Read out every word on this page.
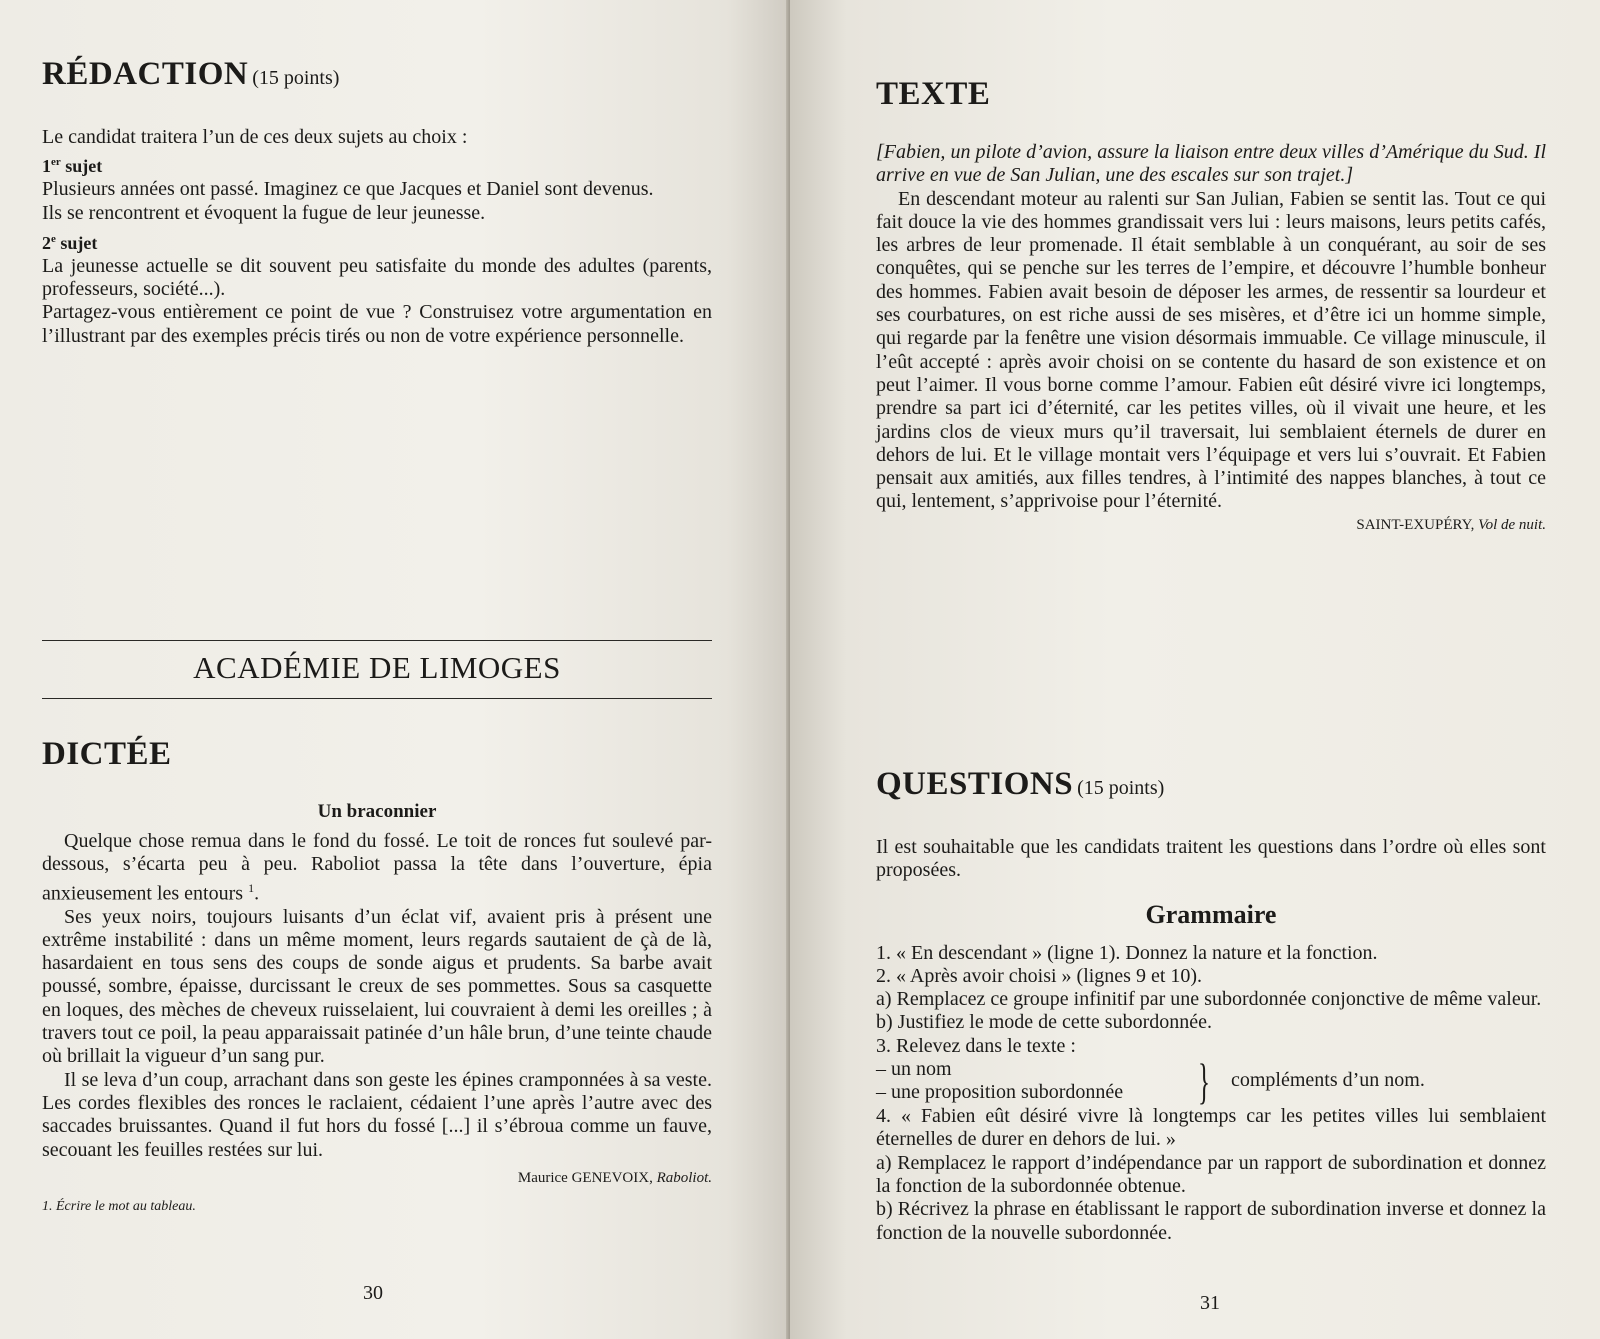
RÉDACTION (15 points)

Le candidat traitera l’un de ces deux sujets au choix :

1er sujet

Plusieurs années ont passé. Imaginez ce que Jacques et Daniel sont devenus.

Ils se rencontrent et évoquent la fugue de leur jeunesse.

2e sujet

La jeunesse actuelle se dit souvent peu satisfaite du monde des adultes (parents, professeurs, société...).

Partagez-vous entièrement ce point de vue ? Construisez votre argumentation en l’illustrant par des exemples précis tirés ou non de votre expérience personnelle.

ACADÉMIE DE LIMOGES
DICTÉE
Un braconnier

Quelque chose remua dans le fond du fossé. Le toit de ronces fut soulevé par-dessous, s’écarta peu à peu. Raboliot passa la tête dans l’ouverture, épia anxieusement les entours $^1$.

Ses yeux noirs, toujours luisants d’un éclat vif, avaient pris à présent une extrême instabilité : dans un même moment, leurs regards sautaient de çà de là, hasardaient en tous sens des coups de sonde aigus et prudents. Sa barbe avait poussé, sombre, épaisse, durcissant le creux de ses pommettes. Sous sa casquette en loques, des mèches de cheveux ruisselaient, lui couvraient à demi les oreilles ; à travers tout ce poil, la peau apparaissait patinée d’un hâle brun, d’une teinte chaude où brillait la vigueur d’un sang pur.

Il se leva d’un coup, arrachant dans son geste les épines cramponnées à sa veste. Les cordes flexibles des ronces le raclaient, cédaient l’une après l’autre avec des saccades bruissantes. Quand il fut hors du fossé [...] il s’ébroua comme un fauve, secouant les feuilles restées sur lui.

Maurice GENEVOIX, Raboliot.
1. Écrire le mot au tableau.
30
TEXTE

[Fabien, un pilote d’avion, assure la liaison entre deux villes d’Amérique du Sud. Il arrive en vue de San Julian, une des escales sur son trajet.]

En descendant moteur au ralenti sur San Julian, Fabien se sentit las. Tout ce qui fait douce la vie des hommes grandissait vers lui : leurs maisons, leurs petits cafés, les arbres de leur promenade. Il était semblable à un conquérant, au soir de ses conquêtes, qui se penche sur les terres de l’empire, et découvre l’humble bonheur des hommes. Fabien avait besoin de déposer les armes, de ressentir sa lourdeur et ses courbatures, on est riche aussi de ses misères, et d’être ici un homme simple, qui regarde par la fenêtre une vision désormais immuable. Ce village minuscule, il l’eût accepté : après avoir choisi on se contente du hasard de son existence et on peut l’aimer. Il vous borne comme l’amour. Fabien eût désiré vivre ici longtemps, prendre sa part ici d’éternité, car les petites villes, où il vivait une heure, et les jardins clos de vieux murs qu’il traversait, lui semblaient éternels de durer en dehors de lui. Et le village montait vers l’équipage et vers lui s’ouvrait. Et Fabien pensait aux amitiés, aux filles tendres, à l’intimité des nappes blanches, à tout ce qui, lentement, s’apprivoise pour l’éternité.

SAINT-EXUPÉRY, Vol de nuit.
QUESTIONS (15 points)

Il est souhaitable que les candidats traitent les questions dans l’ordre où elles sont proposées.

Grammaire

1. « En descendant » (ligne 1). Donnez la nature et la fonction.

2. « Après avoir choisi » (lignes 9 et 10).

a) Remplacez ce groupe infinitif par une subordonnée conjonctive de même valeur.

b) Justifiez le mode de cette subordonnée.

3. Relevez dans le texte :

– un nom
– une proposition subordonnée	} compléments d’un nom.

4. « Fabien eût désiré vivre là longtemps car les petites villes lui semblaient éternelles de durer en dehors de lui. »

a) Remplacez le rapport d’indépendance par un rapport de subordination et donnez la fonction de la subordonnée obtenue.

b) Récrivez la phrase en établissant le rapport de subordination inverse et donnez la fonction de la nouvelle subordonnée.

31
